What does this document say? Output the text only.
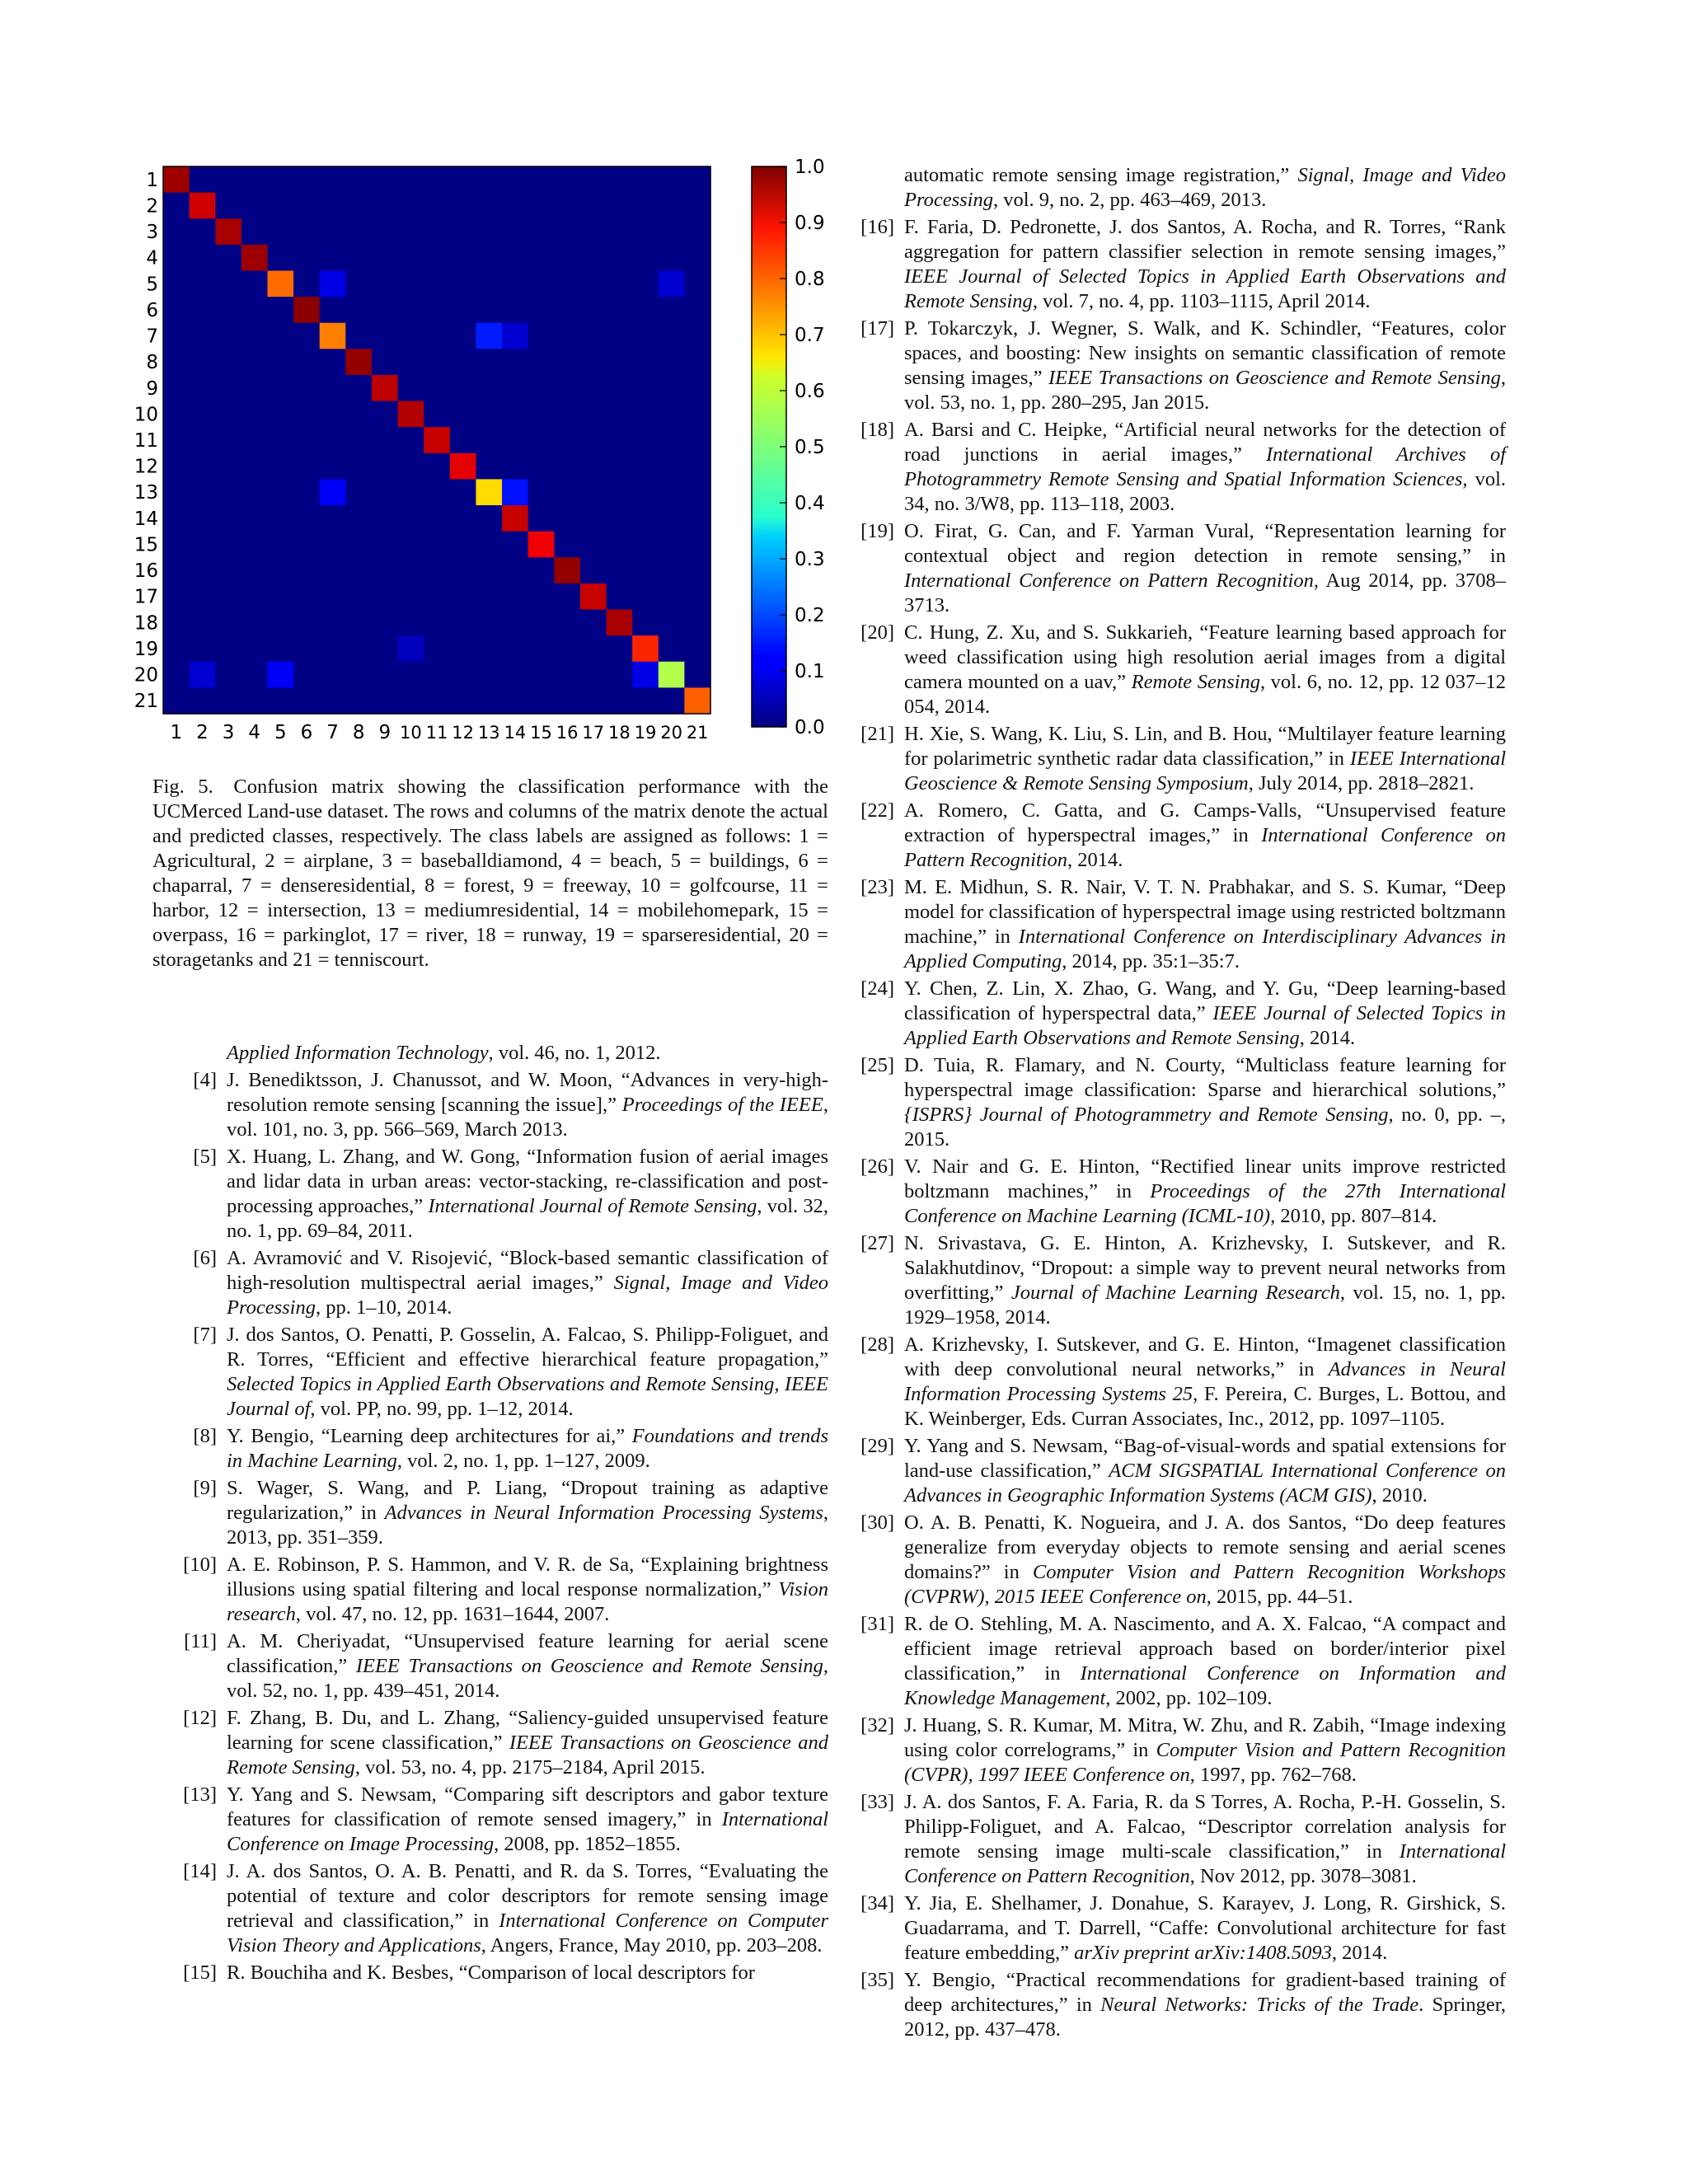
1
2
3
4
5
6
7
8
9
10
11
12
13
14
15
16
17
18
19
20
21
1 2 3 4 5 6 7 8 9 10 11 12 13 14 15 16 17 18 19 20 21	0.0
0.1
0.2
0.3
0.4
0.5
0.6
0.7
0.8
0.9
1.0
Fig. 5. Confusion matrix showing the classification performance with the UCMerced Land-use dataset. The rows and columns of the matrix denote the actual and predicted classes, respectively. The class labels are assigned as follows: 1 = Agricultural, 2 = airplane, 3 = baseballdiamond, 4 = beach, 5 = buildings, 6 = chaparral, 7 = denseresidential, 8 = forest, 9 = freeway, 10 = golfcourse, 11 = harbor, 12 = intersection, 13 = mediumresidential, 14 = mobilehomepark, 15 = overpass, 16 = parkinglot, 17 = river, 18 = runway, 19 = sparseresidential, 20 = storagetanks and 21 = tenniscourt.
Applied Information Technology, vol. 46, no. 1, 2012.
[4] J. Benediktsson, J. Chanussot, and W. Moon, “Advances in very-high-resolution remote sensing [scanning the issue],” Proceedings of the IEEE, vol. 101, no. 3, pp. 566–569, March 2013.
[5] X. Huang, L. Zhang, and W. Gong, “Information fusion of aerial images and lidar data in urban areas: vector-stacking, re-classification and post-processing approaches,” International Journal of Remote Sensing, vol. 32, no. 1, pp. 69–84, 2011.
[6] A. Avramović and V. Risojević, “Block-based semantic classification of high-resolution multispectral aerial images,” Signal, Image and Video Processing, pp. 1–10, 2014.
[7] J. dos Santos, O. Penatti, P. Gosselin, A. Falcao, S. Philipp-Foliguet, and R. Torres, “Efficient and effective hierarchical feature propagation,” Selected Topics in Applied Earth Observations and Remote Sensing, IEEE Journal of, vol. PP, no. 99, pp. 1–12, 2014.
[8] Y. Bengio, “Learning deep architectures for ai,” Foundations and trends in Machine Learning, vol. 2, no. 1, pp. 1–127, 2009.
[9] S. Wager, S. Wang, and P. Liang, “Dropout training as adaptive regularization,” in Advances in Neural Information Processing Systems, 2013, pp. 351–359.
[10] A. E. Robinson, P. S. Hammon, and V. R. de Sa, “Explaining brightness illusions using spatial filtering and local response normalization,” Vision research, vol. 47, no. 12, pp. 1631–1644, 2007.
[11] A. M. Cheriyadat, “Unsupervised feature learning for aerial scene classification,” IEEE Transactions on Geoscience and Remote Sensing, vol. 52, no. 1, pp. 439–451, 2014.
[12] F. Zhang, B. Du, and L. Zhang, “Saliency-guided unsupervised feature learning for scene classification,” IEEE Transactions on Geoscience and Remote Sensing, vol. 53, no. 4, pp. 2175–2184, April 2015.
[13] Y. Yang and S. Newsam, “Comparing sift descriptors and gabor texture features for classification of remote sensed imagery,” in International Conference on Image Processing, 2008, pp. 1852–1855.
[14] J. A. dos Santos, O. A. B. Penatti, and R. da S. Torres, “Evaluating the potential of texture and color descriptors for remote sensing image retrieval and classification,” in International Conference on Computer Vision Theory and Applications, Angers, France, May 2010, pp. 203–208.
[15] R. Bouchiha and K. Besbes, “Comparison of local descriptors for
automatic remote sensing image registration,” Signal, Image and Video Processing, vol. 9, no. 2, pp. 463–469, 2013.
[16] F. Faria, D. Pedronette, J. dos Santos, A. Rocha, and R. Torres, “Rank aggregation for pattern classifier selection in remote sensing images,” IEEE Journal of Selected Topics in Applied Earth Observations and Remote Sensing, vol. 7, no. 4, pp. 1103–1115, April 2014.
[17] P. Tokarczyk, J. Wegner, S. Walk, and K. Schindler, “Features, color spaces, and boosting: New insights on semantic classification of remote sensing images,” IEEE Transactions on Geoscience and Remote Sensing, vol. 53, no. 1, pp. 280–295, Jan 2015.
[18] A. Barsi and C. Heipke, “Artificial neural networks for the detection of road junctions in aerial images,” International Archives of Photogrammetry Remote Sensing and Spatial Information Sciences, vol. 34, no. 3/W8, pp. 113–118, 2003.
[19] O. Firat, G. Can, and F. Yarman Vural, “Representation learning for contextual object and region detection in remote sensing,” in International Conference on Pattern Recognition, Aug 2014, pp. 3708–3713.
[20] C. Hung, Z. Xu, and S. Sukkarieh, “Feature learning based approach for weed classification using high resolution aerial images from a digital camera mounted on a uav,” Remote Sensing, vol. 6, no. 12, pp. 12 037–12 054, 2014.
[21] H. Xie, S. Wang, K. Liu, S. Lin, and B. Hou, “Multilayer feature learning for polarimetric synthetic radar data classification,” in IEEE International Geoscience & Remote Sensing Symposium, July 2014, pp. 2818–2821.
[22] A. Romero, C. Gatta, and G. Camps-Valls, “Unsupervised feature extraction of hyperspectral images,” in International Conference on Pattern Recognition, 2014.
[23] M. E. Midhun, S. R. Nair, V. T. N. Prabhakar, and S. S. Kumar, “Deep model for classification of hyperspectral image using restricted boltzmann machine,” in International Conference on Interdisciplinary Advances in Applied Computing, 2014, pp. 35:1–35:7.
[24] Y. Chen, Z. Lin, X. Zhao, G. Wang, and Y. Gu, “Deep learning-based classification of hyperspectral data,” IEEE Journal of Selected Topics in Applied Earth Observations and Remote Sensing, 2014.
[25] D. Tuia, R. Flamary, and N. Courty, “Multiclass feature learning for hyperspectral image classification: Sparse and hierarchical solutions,” {ISPRS} Journal of Photogrammetry and Remote Sensing, no. 0, pp. –, 2015.
[26] V. Nair and G. E. Hinton, “Rectified linear units improve restricted boltzmann machines,” in Proceedings of the 27th International Conference on Machine Learning (ICML-10), 2010, pp. 807–814.
[27] N. Srivastava, G. E. Hinton, A. Krizhevsky, I. Sutskever, and R. Salakhutdinov, “Dropout: a simple way to prevent neural networks from overfitting,” Journal of Machine Learning Research, vol. 15, no. 1, pp. 1929–1958, 2014.
[28] A. Krizhevsky, I. Sutskever, and G. E. Hinton, “Imagenet classification with deep convolutional neural networks,” in Advances in Neural Information Processing Systems 25, F. Pereira, C. Burges, L. Bottou, and K. Weinberger, Eds. Curran Associates, Inc., 2012, pp. 1097–1105.
[29] Y. Yang and S. Newsam, “Bag-of-visual-words and spatial extensions for land-use classification,” ACM SIGSPATIAL International Conference on Advances in Geographic Information Systems (ACM GIS), 2010.
[30] O. A. B. Penatti, K. Nogueira, and J. A. dos Santos, “Do deep features generalize from everyday objects to remote sensing and aerial scenes domains?” in Computer Vision and Pattern Recognition Workshops (CVPRW), 2015 IEEE Conference on, 2015, pp. 44–51.
[31] R. de O. Stehling, M. A. Nascimento, and A. X. Falcao, “A compact and efficient image retrieval approach based on border/interior pixel classification,” in International Conference on Information and Knowledge Management, 2002, pp. 102–109.
[32] J. Huang, S. R. Kumar, M. Mitra, W. Zhu, and R. Zabih, “Image indexing using color correlograms,” in Computer Vision and Pattern Recognition (CVPR), 1997 IEEE Conference on, 1997, pp. 762–768.
[33] J. A. dos Santos, F. A. Faria, R. da S Torres, A. Rocha, P.-H. Gosselin, S. Philipp-Foliguet, and A. Falcao, “Descriptor correlation analysis for remote sensing image multi-scale classification,” in International Conference on Pattern Recognition, Nov 2012, pp. 3078–3081.
[34] Y. Jia, E. Shelhamer, J. Donahue, S. Karayev, J. Long, R. Girshick, S. Guadarrama, and T. Darrell, “Caffe: Convolutional architecture for fast feature embedding,” arXiv preprint arXiv:1408.5093, 2014.
[35] Y. Bengio, “Practical recommendations for gradient-based training of deep architectures,” in Neural Networks: Tricks of the Trade. Springer, 2012, pp. 437–478.
